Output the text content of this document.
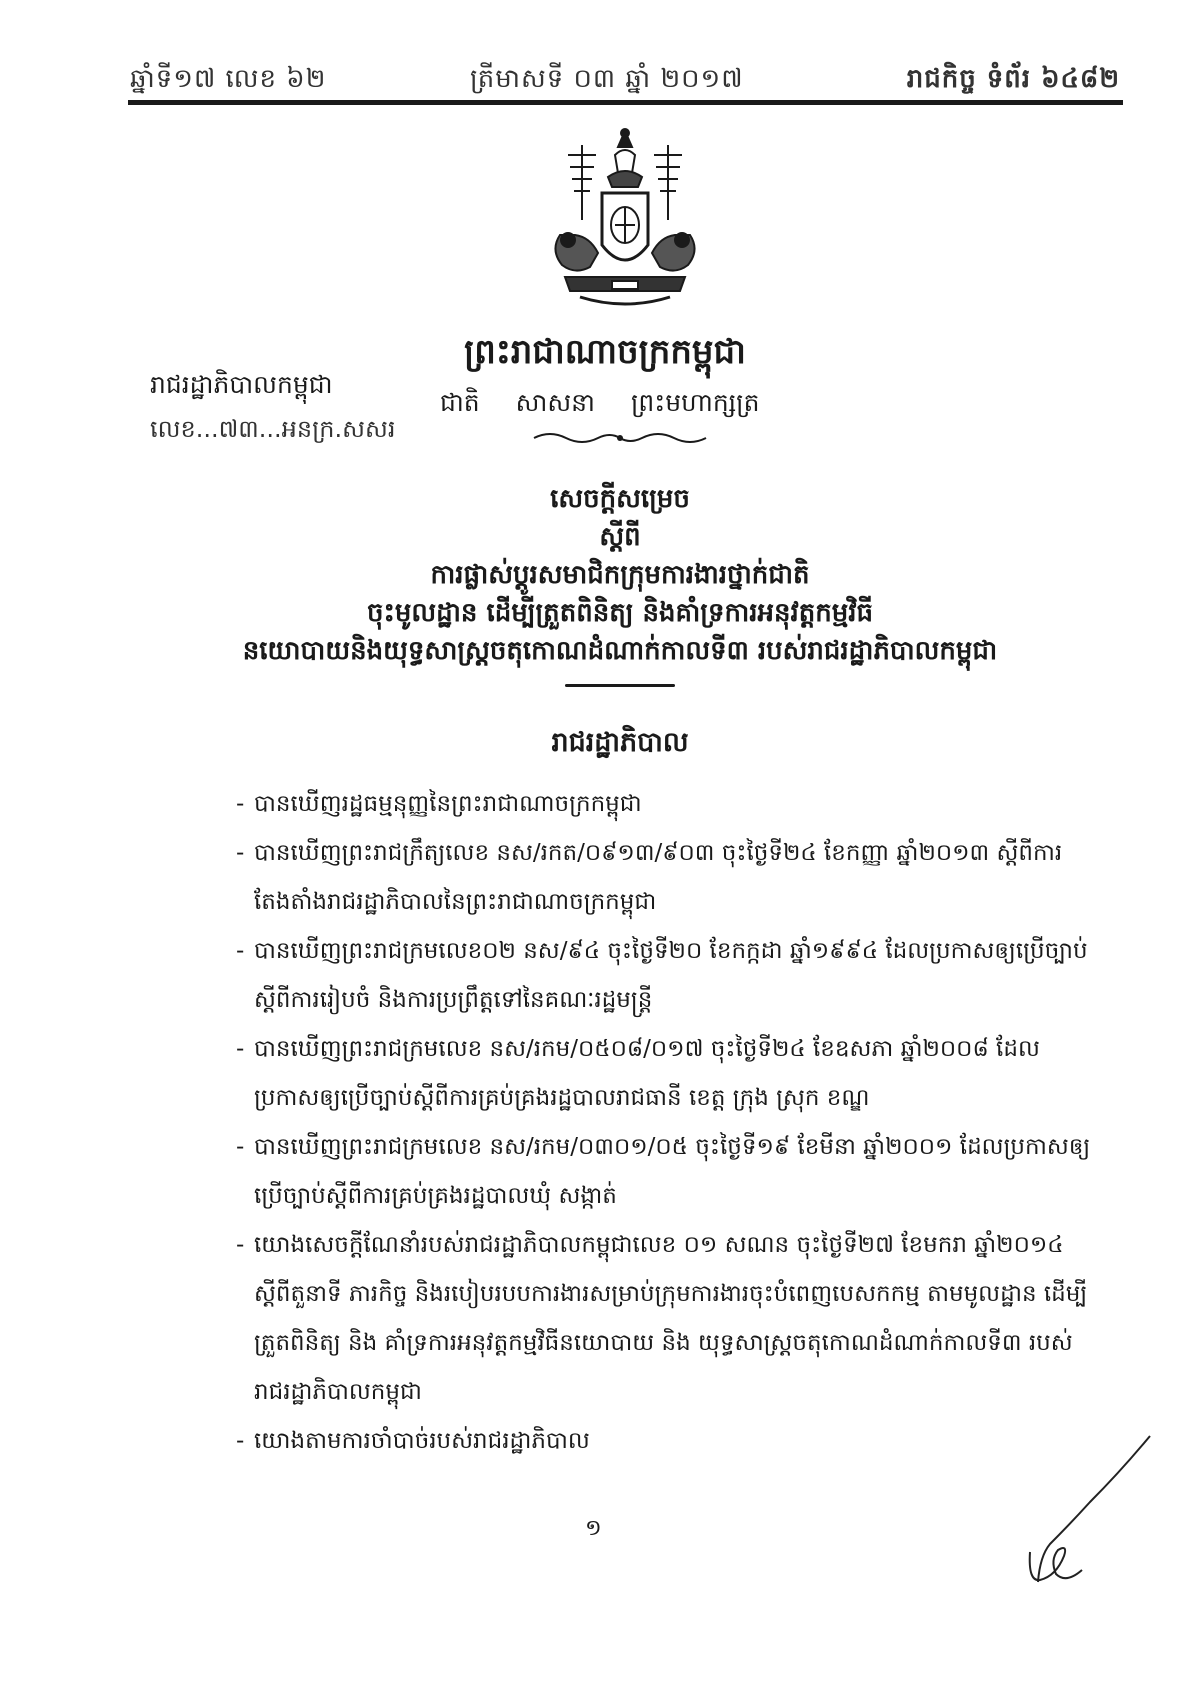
ឆ្នាំទី១៧ លេខ ៦២	ត្រីមាសទី ០៣ ឆ្នាំ ២០១៧	រាជកិច្ច ទំព័រ ៦៤៨២
ព្រះរាជាណាចក្រកម្ពុជា
ជាតិ សាសនា ព្រះមហាក្សត្រ
រាជរដ្ឋាភិបាលកម្ពុជា
លេខ...៧៣...អនក្រ.សសរ
សេចក្តីសម្រេច
ស្តីពី
ការផ្លាស់ប្តូរសមាជិកក្រុមការងារថ្នាក់ជាតិ
ចុះមូលដ្ឋាន ដើម្បីត្រួតពិនិត្យ និងគាំទ្រការអនុវត្តកម្មវិធី
នយោបាយនិងយុទ្ធសាស្រ្តចតុកោណដំណាក់កាលទី៣ របស់រាជរដ្ឋាភិបាលកម្ពុជា
រាជរដ្ឋាភិបាល
- បានឃើញរដ្ឋធម្មនុញ្ញនៃព្រះរាជាណាចក្រកម្ពុជា
- បានឃើញព្រះរាជក្រឹត្យលេខ នស/រកត/០៩១៣/៩០៣ ចុះថ្ងៃទី២៤ ខែកញ្ញា ឆ្នាំ២០១៣ ស្តីពីការតែងតាំងរាជរដ្ឋាភិបាលនៃព្រះរាជាណាចក្រកម្ពុជា
- បានឃើញព្រះរាជក្រមលេខ០២ នស/៩៤ ចុះថ្ងៃទី២០ ខែកក្កដា ឆ្នាំ១៩៩៤ ដែលប្រកាសឲ្យប្រើច្បាប់ស្តីពីការរៀបចំ និងការប្រព្រឹត្តទៅនៃគណៈរដ្ឋមន្ត្រី
- បានឃើញព្រះរាជក្រមលេខ នស/រកម/០៥០៨/០១៧ ចុះថ្ងៃទី២៤ ខែឧសភា ឆ្នាំ២០០៨ ដែលប្រកាសឲ្យប្រើច្បាប់ស្តីពីការគ្រប់គ្រងរដ្ឋបាលរាជធានី ខេត្ត ក្រុង ស្រុក ខណ្ឌ
- បានឃើញព្រះរាជក្រមលេខ នស/រកម/០៣០១/០៥ ចុះថ្ងៃទី១៩ ខែមីនា ឆ្នាំ២០០១ ដែលប្រកាសឲ្យប្រើច្បាប់ស្តីពីការគ្រប់គ្រងរដ្ឋបាលឃុំ សង្កាត់
- យោងសេចក្តីណែនាំរបស់រាជរដ្ឋាភិបាលកម្ពុជាលេខ ០១ សណន ចុះថ្ងៃទី២៧ ខែមករា ឆ្នាំ២០១៤ ស្តីពីតួនាទី ភារកិច្ច និងរបៀបរបបការងារសម្រាប់ក្រុមការងារចុះបំពេញបេសកកម្ម តាមមូលដ្ឋាន ដើម្បីត្រួតពិនិត្យ និង គាំទ្រការអនុវត្តកម្មវិធីនយោបាយ និង យុទ្ធសាស្រ្តចតុកោណដំណាក់កាលទី៣ របស់រាជរដ្ឋាភិបាលកម្ពុជា
- យោងតាមការចាំបាច់របស់រាជរដ្ឋាភិបាល
១
